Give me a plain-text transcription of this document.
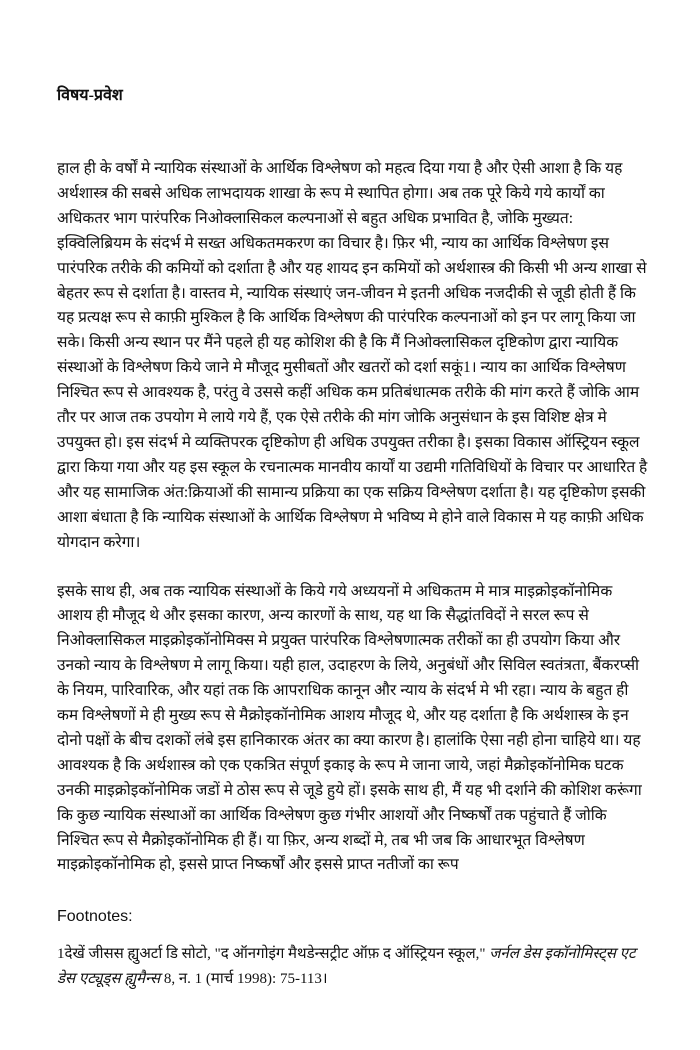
विषय-प्रवेश

हाल ही के वर्षों मे न्यायिक संस्थाओं के आर्थिक विश्लेषण को महत्व दिया गया है और ऐसी आशा है कि यह अर्थशास्त्र की सबसे अधिक लाभदायक शाखा के रूप मे स्थापित होगा। अब तक पूरे किये गये कार्यों का अधिकतर भाग पारंपरिक निओक्लासिकल कल्पनाओं से बहुत अधिक प्रभावित है, जोकि मुख्यत: इक्विलिब्रियम के संदर्भ मे सख्त अधिकतमकरण का विचार है। फ़िर भी, न्याय का आर्थिक विश्लेषण इस पारंपरिक तरीके की कमियों को दर्शाता है और यह शायद इन कमियों को अर्थशास्त्र की किसी भी अन्य शाखा से बेहतर रूप से दर्शाता है। वास्तव मे, न्यायिक संस्थाएं जन-जीवन मे इतनी अधिक नजदीकी से जूडी होती हैं कि यह प्रत्यक्ष रूप से काफ़ी मुश्किल है कि आर्थिक विश्लेषण की पारंपरिक कल्पनाओं को इन पर लागू किया जा सके। किसी अन्य स्थान पर मैंने पहले ही यह कोशिश की है कि मैं निओक्लासिकल दृष्टिकोण द्वारा न्यायिक संस्थाओं के विश्लेषण किये जाने मे मौजूद मुसीबतों और खतरों को दर्शा सकूं1। न्याय का आर्थिक विश्लेषण निश्चित रूप से आवश्यक है, परंतु वे उससे कहीं अधिक कम प्रतिबंधात्मक तरीके की मांग करते हैं जोकि आम तौर पर आज तक उपयोग मे लाये गये हैं, एक ऐसे तरीके की मांग जोकि अनुसंधान के इस विशिष्ट क्षेत्र मे उपयुक्त हो। इस संदर्भ मे व्यक्तिपरक दृष्टिकोण ही अधिक उपयुक्त तरीका है। इसका विकास ऑस्ट्रियन स्कूल द्वारा किया गया और यह इस स्कूल के रचनात्मक मानवीय कार्यों या उद्यमी गतिविधियों के विचार पर आधारित है और यह सामाजिक अंत:क्रियाओं की सामान्य प्रक्रिया का एक सक्रिय विश्लेषण दर्शाता है। यह दृष्टिकोण इसकी आशा बंधाता है कि न्यायिक संस्थाओं के आर्थिक विश्लेषण मे भविष्य मे होने वाले विकास मे यह काफ़ी अधिक योगदान करेगा।

इसके साथ ही, अब तक न्यायिक संस्थाओं के किये गये अध्ययनों मे अधिकतम मे मात्र माइक्रोइकॉनोमिक आशय ही मौजूद थे और इसका कारण, अन्य कारणों के साथ, यह था कि सैद्धांतविदों ने सरल रूप से निओक्लासिकल माइक्रोइकॉनोमिक्स मे प्रयुक्त पारंपरिक विश्लेषणात्मक तरीकों का ही उपयोग किया और उनको न्याय के विश्लेषण मे लागू किया। यही हाल, उदाहरण के लिये, अनुबंधों और सिविल स्वतंत्रता, बैंकरप्सी के नियम, पारिवारिक, और यहां तक कि आपराधिक कानून और न्याय के संदर्भ मे भी रहा। न्याय के बहुत ही कम विश्लेषणों मे ही मुख्य रूप से मैक्रोइकॉनोमिक आशय मौजूद थे, और यह दर्शाता है कि अर्थशास्त्र के इन दोनो पक्षों के बीच दशकों लंबे इस हानिकारक अंतर का क्या कारण है। हालांकि ऐसा नही होना चाहिये था। यह आवश्यक है कि अर्थशास्त्र को एक एकत्रित संपूर्ण इकाइ के रूप मे जाना जाये, जहां मैक्रोइकॉनोमिक घटक उनकी माइक्रोइकॉनोमिक जडों मे ठोस रूप से जूडे हुये हों। इसके साथ ही, मैं यह भी दर्शाने की कोशिश करूंगा कि कुछ न्यायिक संस्थाओं का आर्थिक विश्लेषण कुछ गंभीर आशयों और निष्कर्षों तक पहुंचाते हैं जोकि निश्चित रूप से मैक्रोइकॉनोमिक ही हैं। या फ़िर, अन्य शब्दों मे, तब भी जब कि आधारभूत विश्लेषण माइक्रोइकॉनोमिक हो, इससे प्राप्त निष्कर्षों और इससे प्राप्त नतीजों का रूप

Footnotes:

1देखें जीसस ह्युअर्टा डि सोटो, "द ऑनगोइंग मैथडेन्सट्रीट ऑफ़ द ऑस्ट्रियन स्कूल," जर्नल डेस इकॉनोमिस्ट्स एट डेस एट्यूड्स ह्युमैन्स 8, न. 1 (मार्च 1998): 75-113।
